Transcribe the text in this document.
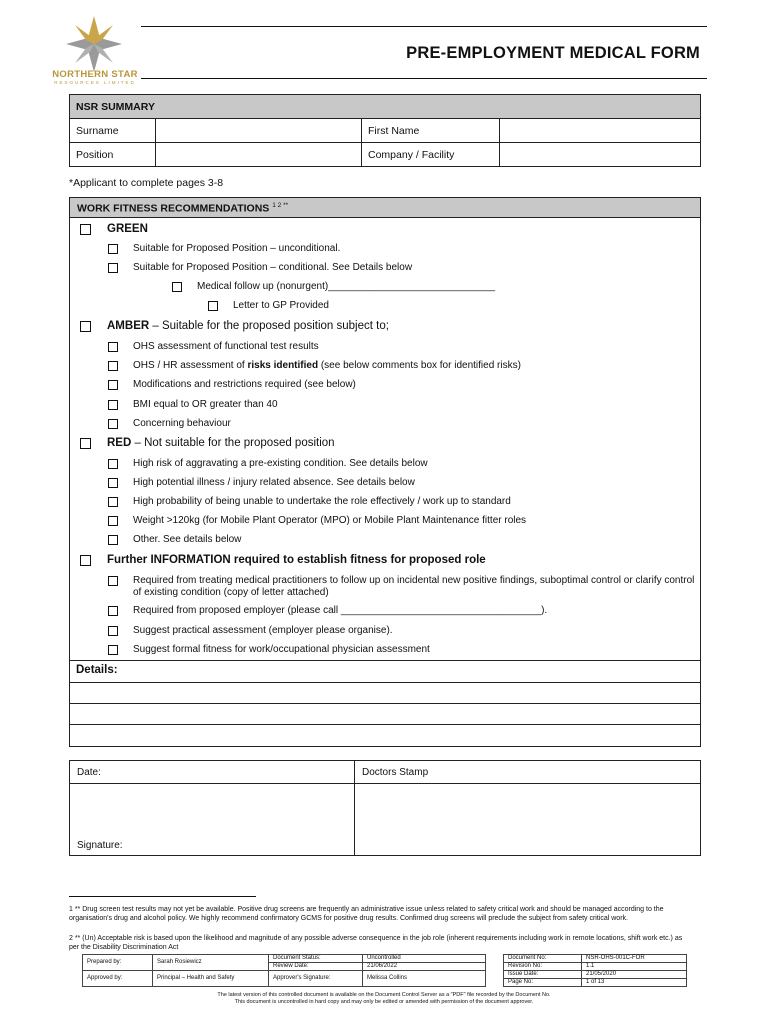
NORTHERN STAR
RESOURCES LIMITED
PRE-EMPLOYMENT MEDICAL FORM
NSR SUMMARY			
Surname		First Name	
Position		Company / Facility	
*Applicant to complete pages 3-8
WORK FITNESS RECOMMENDATIONS $^{1 2 **}$
GREEN
Suitable for Proposed Position – unconditional.
Suitable for Proposed Position – conditional. See Details below
Medical follow up (nonurgent)______________________________
Letter to GP Provided
AMBER – Suitable for the proposed position subject to;
OHS assessment of functional test results
OHS / HR assessment of risks identified (see below comments box for identified risks)
Modifications and restrictions required (see below)
BMI equal to OR greater than 40
Concerning behaviour
RED – Not suitable for the proposed position
High risk of aggravating a pre-existing condition. See details below
High potential illness / injury related absence. See details below
High probability of being unable to undertake the role effectively / work up to standard
Weight >120kg (for Mobile Plant Operator (MPO) or Mobile Plant Maintenance fitter roles
Other. See details below
Further INFORMATION required to establish fitness for proposed role
Required from treating medical practitioners to follow up on incidental new positive findings, suboptimal control or clarify control of existing condition (copy of letter attached)
Required from proposed employer (please call ____________________________________).
Suggest practical assessment (employer please organise).
Suggest formal fitness for work/occupational physician assessment
Details:
Date:	Doctors Stamp
Signature:
1 ** Drug screen test results may not yet be available. Positive drug screens are frequently an administrative issue unless related to safety critical work and should be managed according to the organisation's drug and alcohol policy. We highly recommend confirmatory GCMS for positive drug results. Confirmed drug screens will preclude the subject from safety critical work.
2 ** (Un) Acceptable risk is based upon the likelihood and magnitude of any possible adverse consequence in the job role (inherent requirements including work in remote locations, shift work etc.) as per the Disability Discrimination Act
Prepared by:	Sarah Rosiewicz	Document Status:	Uncontrolled
		Review Date:	21/06/2022
Approved by:	Principal – Health and Safety	Approver's Signature:	Melissa Collins
Document No:	NSR-OHS-001C-FOR
Revision No:	1.1
Issue Date:	21/05/2020
Page No:	1 of 13
The latest version of this controlled document is available on the Document Control Server as a "PDF" file recorded by the Document No.
This document is uncontrolled in hard copy and may only be edited or amended with permission of the document approver.
